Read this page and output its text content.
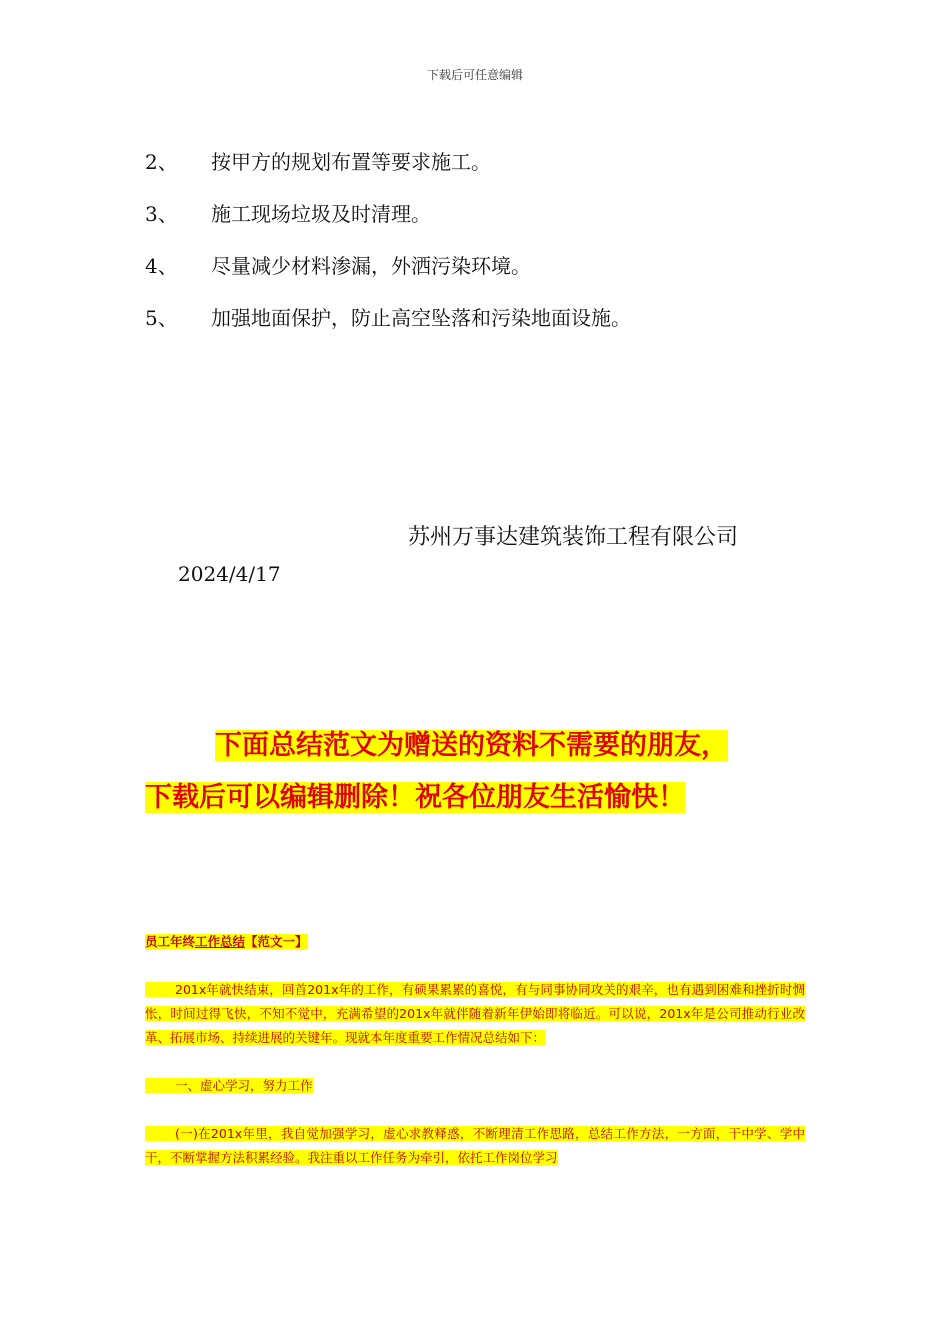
下载后可任意编辑
2、	按甲方的规划布置等要求施工。
3、	施工现场垃圾及时清理。
4、	尽量减少材料渗漏，外洒污染环境。
5、	加强地面保护，防止高空坠落和污染地面设施。
苏州万事达建筑装饰工程有限公司
2024/4/17
下面总结范文为赠送的资料不需要的朋友，
下载后可以编辑删除！祝各位朋友生活愉快！
员工年终工作总结【范文一】
201x年就快结束，回首201x年的工作，有硕果累累的喜悦，有与同事协同攻关的艰辛，也有遇到困难和挫折时惆怅，时间过得飞快，不知不觉中，充满希望的201x年就伴随着新年伊始即将临近。可以说，201x年是公司推动行业改革、拓展市场、持续进展的关键年。现就本年度重要工作情况总结如下：
一、虚心学习，努力工作
(一)在201x年里，我自觉加强学习，虚心求教释惑，不断理清工作思路，总结工作方法，一方面，干中学、学中干，不断掌握方法积累经验。我注重以工作任务为牵引，依托工作岗位学习
